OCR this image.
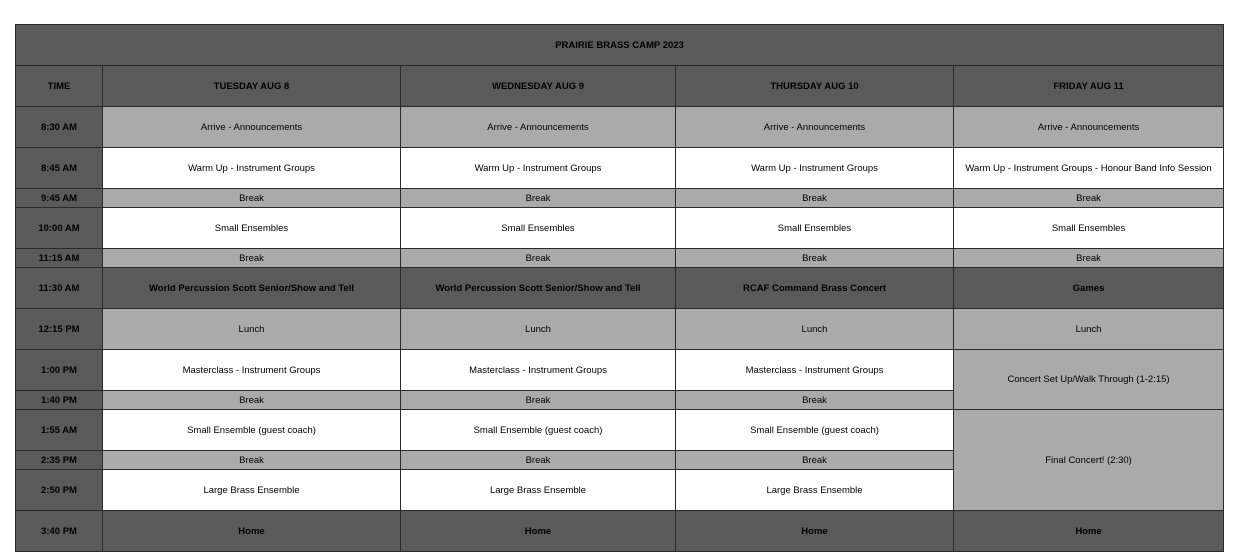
PRAIRIE BRASS CAMP 2023				
TIME	TUESDAY AUG 8	WEDNESDAY AUG 9	THURSDAY AUG 10	FRIDAY AUG 11
8:30 AM	Arrive - Announcements	Arrive - Announcements	Arrive - Announcements	Arrive - Announcements
8:45 AM	Warm Up - Instrument Groups	Warm Up - Instrument Groups	Warm Up - Instrument Groups	Warm Up - Instrument Groups - Honour Band Info Session
9:45 AM	Break	Break	Break	Break
10:00 AM	Small Ensembles	Small Ensembles	Small Ensembles	Small Ensembles
11:15 AM	Break	Break	Break	Break
11:30 AM	World Percussion Scott Senior/Show and Tell	World Percussion Scott Senior/Show and Tell	RCAF Command Brass Concert	Games
12:15 PM	Lunch	Lunch	Lunch	Lunch
1:00 PM	Masterclass - Instrument Groups	Masterclass - Instrument Groups	Masterclass - Instrument Groups	Concert Set Up/Walk Through (1-2:15)
1:40 PM	Break	Break	Break	
1:55 AM	Small Ensemble (guest coach)	Small Ensemble (guest coach)	Small Ensemble (guest coach)	Final Concert! (2:30)
2:35 PM	Break	Break	Break	
2:50 PM	Large Brass Ensemble	Large Brass Ensemble	Large Brass Ensemble	
3:40 PM	Home	Home	Home	Home
